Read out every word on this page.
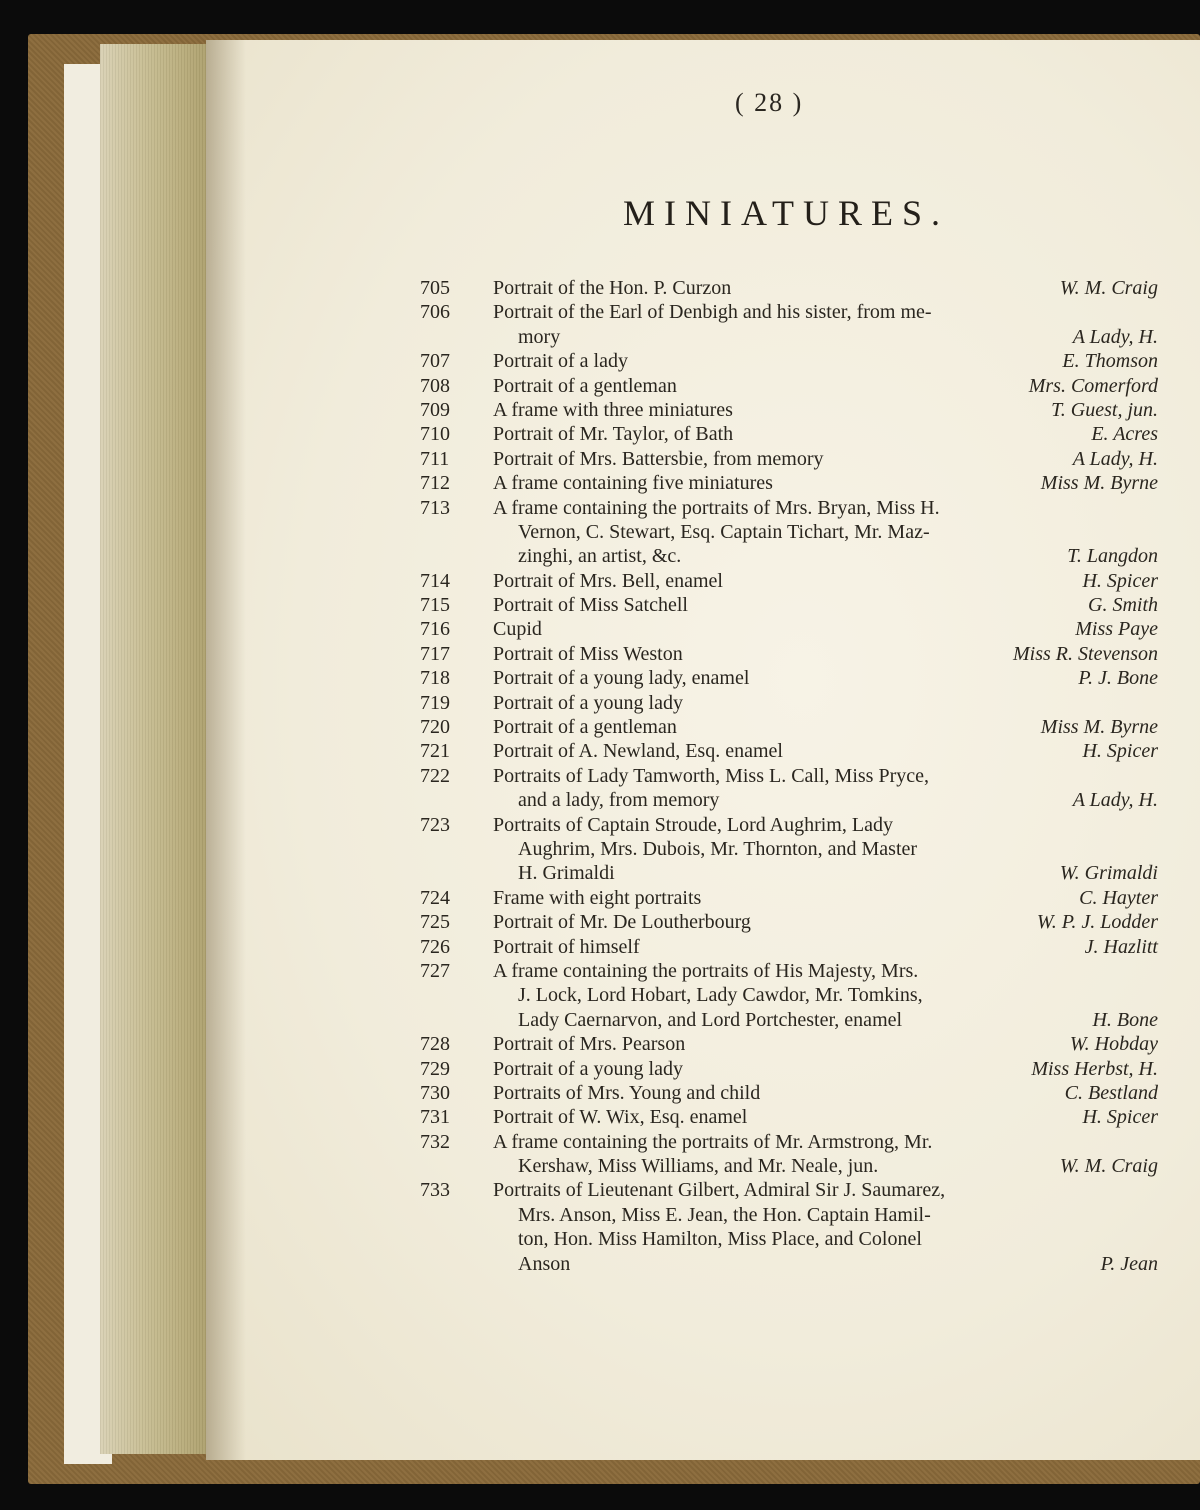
( 28 )
MINIATURES.
705	Portrait of the Hon. P. Curzon	W. M. Craig
706	Portrait of the Earl of Denbigh and his sister, from me-
mory	A Lady, H.
707	Portrait of a lady	E. Thomson
708	Portrait of a gentleman	Mrs. Comerford
709	A frame with three miniatures	T. Guest, jun.
710	Portrait of Mr. Taylor, of Bath	E. Acres
711	Portrait of Mrs. Battersbie, from memory	A Lady, H.
712	A frame containing five miniatures	Miss M. Byrne
713	A frame containing the portraits of Mrs. Bryan, Miss H.
Vernon, C. Stewart, Esq. Captain Tichart, Mr. Maz-
zinghi, an artist, &c.	T. Langdon
714	Portrait of Mrs. Bell, enamel	H. Spicer
715	Portrait of Miss Satchell	G. Smith
716	Cupid	Miss Paye
717	Portrait of Miss Weston	Miss R. Stevenson
718	Portrait of a young lady, enamel	P. J. Bone
719	Portrait of a young lady
720	Portrait of a gentleman	Miss M. Byrne
721	Portrait of A. Newland, Esq. enamel	H. Spicer
722	Portraits of Lady Tamworth, Miss L. Call, Miss Pryce,
and a lady, from memory	A Lady, H.
723	Portraits of Captain Stroude, Lord Aughrim, Lady
Aughrim, Mrs. Dubois, Mr. Thornton, and Master
H. Grimaldi	W. Grimaldi
724	Frame with eight portraits	C. Hayter
725	Portrait of Mr. De Loutherbourg	W. P. J. Lodder
726	Portrait of himself	J. Hazlitt
727	A frame containing the portraits of His Majesty, Mrs.
J. Lock, Lord Hobart, Lady Cawdor, Mr. Tomkins,
Lady Caernarvon, and Lord Portchester, enamel	H. Bone
728	Portrait of Mrs. Pearson	W. Hobday
729	Portrait of a young lady	Miss Herbst, H.
730	Portraits of Mrs. Young and child	C. Bestland
731	Portrait of W. Wix, Esq. enamel	H. Spicer
732	A frame containing the portraits of Mr. Armstrong, Mr.
Kershaw, Miss Williams, and Mr. Neale, jun.	W. M. Craig
733	Portraits of Lieutenant Gilbert, Admiral Sir J. Saumarez,
Mrs. Anson, Miss E. Jean, the Hon. Captain Hamil-
ton, Hon. Miss Hamilton, Miss Place, and Colonel
Anson	P. Jean
